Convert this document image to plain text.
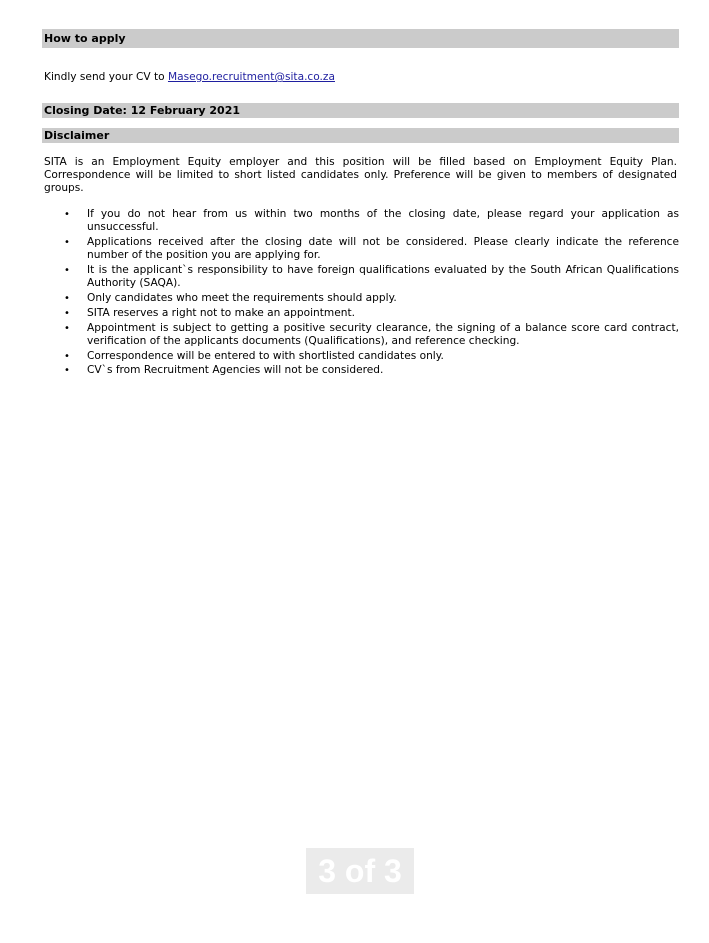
How to apply
Kindly send your CV to Masego.recruitment@sita.co.za
Closing Date: 12 February 2021
Disclaimer

SITA is an Employment Equity employer and this position will be filled based on Employment Equity Plan. Correspondence will be limited to short listed candidates only. Preference will be given to members of designated groups.

• If you do not hear from us within two months of the closing date, please regard your application as unsuccessful.
• Applications received after the closing date will not be considered. Please clearly indicate the reference number of the position you are applying for.
• It is the applicant`s responsibility to have foreign qualifications evaluated by the South African Qualifications Authority (SAQA).
• Only candidates who meet the requirements should apply.
• SITA reserves a right not to make an appointment.
• Appointment is subject to getting a positive security clearance, the signing of a balance score card contract, verification of the applicants documents (Qualifications), and reference checking.
• Correspondence will be entered to with shortlisted candidates only.
• CV`s from Recruitment Agencies will not be considered.
3 of 3
